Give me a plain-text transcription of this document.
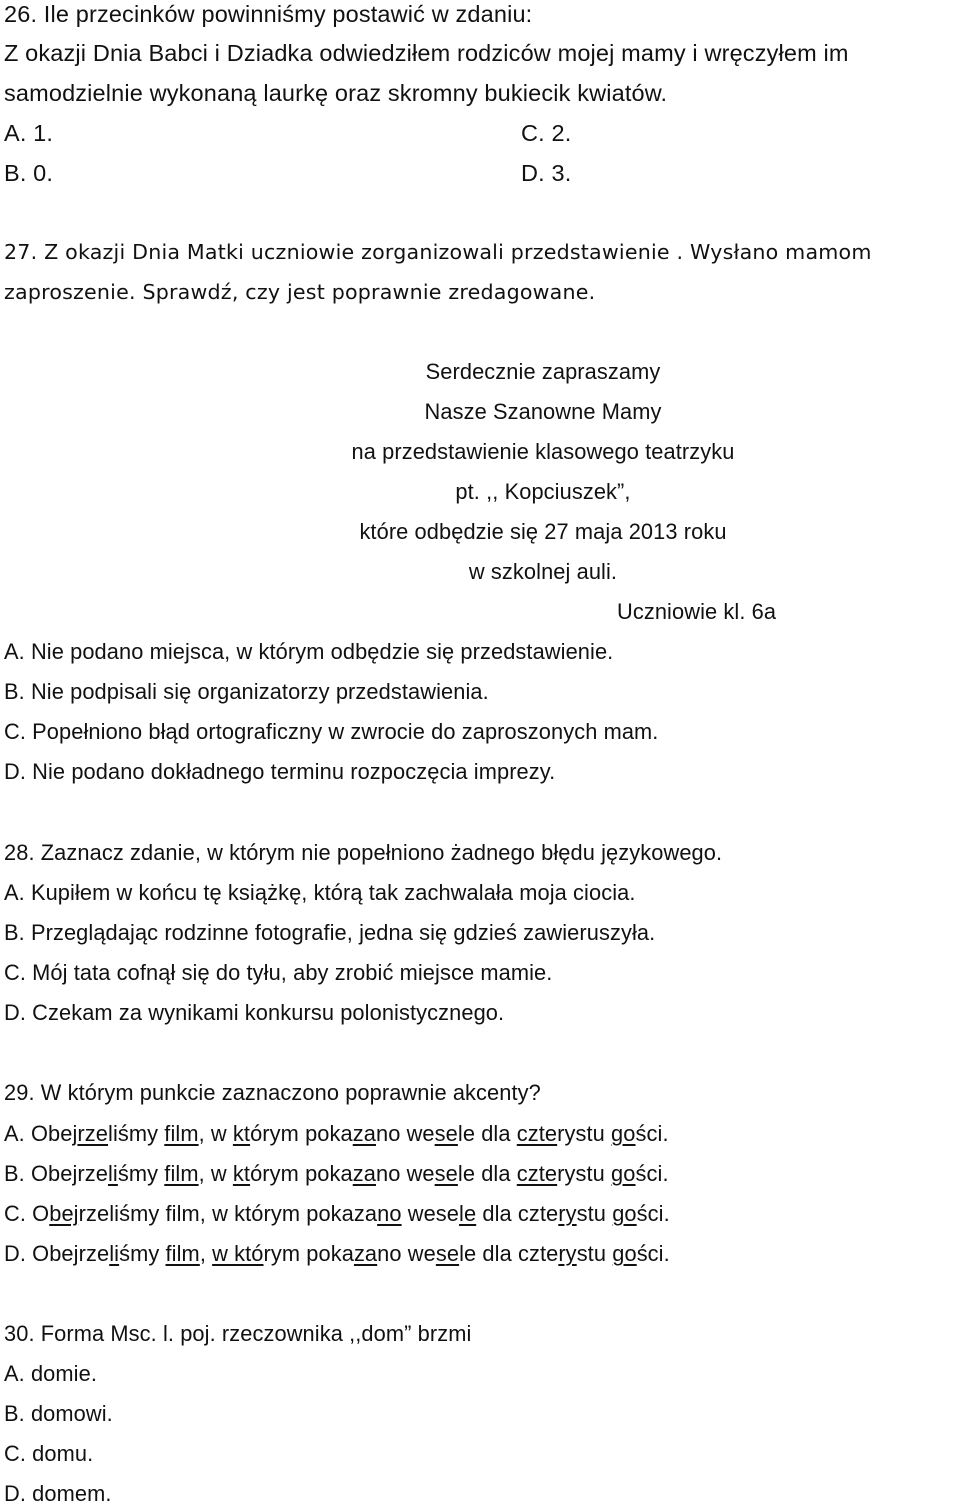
26. Ile przecinków powinniśmy postawić w zdaniu:
Z okazji Dnia Babci i Dziadka odwiedziłem rodziców mojej mamy i wręczyłem im
samodzielnie wykonaną laurkę oraz skromny bukiecik kwiatów.
A. 1.	C. 2.
B. 0.	D. 3.
27. Z okazji Dnia Matki uczniowie zorganizowali przedstawienie . Wysłano mamom
zaproszenie. Sprawdź, czy jest poprawnie zredagowane.
Serdecznie zapraszamy
Nasze Szanowne Mamy
na przedstawienie klasowego teatrzyku
pt. ,, Kopciuszek”,
które odbędzie się 27 maja 2013 roku
w szkolnej auli.
Uczniowie kl. 6a
A. Nie podano miejsca, w którym odbędzie się przedstawienie.
B. Nie podpisali się organizatorzy przedstawienia.
C. Popełniono błąd ortograficzny w zwrocie do zaproszonych mam.
D. Nie podano dokładnego terminu rozpoczęcia imprezy.
28. Zaznacz zdanie, w którym nie popełniono żadnego błędu językowego.
A. Kupiłem w końcu tę książkę, którą tak zachwalała moja ciocia.
B. Przeglądając rodzinne fotografie, jedna się gdzieś zawieruszyła.
C. Mój tata cofnął się do tyłu, aby zrobić miejsce mamie.
D. Czekam za wynikami konkursu polonistycznego.
29. W którym punkcie zaznaczono poprawnie akcenty?
A. Obejrzeliśmy film, w którym pokazano wesele dla czterystu gości.
B. Obejrzeliśmy film, w którym pokazano wesele dla czterystu gości.
C. Obejrzeliśmy film, w którym pokazano wesele dla czterystu gości.
D. Obejrzeliśmy film, w którym pokazano wesele dla czterystu gości.
30. Forma Msc. l. poj. rzeczownika ,,dom” brzmi
A. domie.
B. domowi.
C. domu.
D. domem.
